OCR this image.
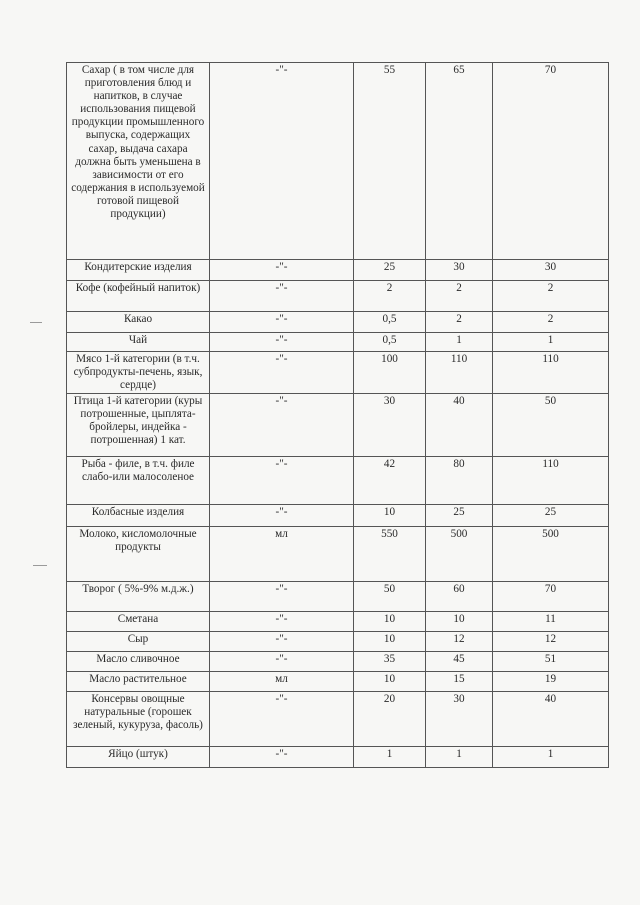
Сахар ( в том числе для приготовления блюд и напитков, в случае использования пищевой продукции промышленного выпуска, содержащих сахар, выдача сахара должна быть уменьшена в зависимости от его содержания в используемой готовой пищевой продукции)	-"-	55	65	70
Кондитерские изделия	-"-	25	30	30
Кофе (кофейный напиток)	-"-	2	2	2
Какао	-"-	0,5	2	2
Чай	-"-	0,5	1	1
Мясо 1-й категории (в т.ч. субпродукты-печень, язык, сердце)	-"-	100	110	110
Птица 1-й категории (куры потрошенные, цыплята-бройлеры, индейка - потрошенная) 1 кат.	-"-	30	40	50
Рыба - филе, в т.ч. филе слабо-или малосоленое	-"-	42	80	110
Колбасные изделия	-"-	10	25	25
Молоко, кисломолочные продукты	мл	550	500	500
Творог ( 5%-9% м.д.ж.)	-"-	50	60	70
Сметана	-"-	10	10	11
Сыр	-"-	10	12	12
Масло сливочное	-"-	35	45	51
Масло растительное	мл	10	15	19
Консервы овощные натуральные (горошек зеленый, кукуруза, фасоль)	-"-	20	30	40
Яйцо (штук)	-"-	1	1	1
